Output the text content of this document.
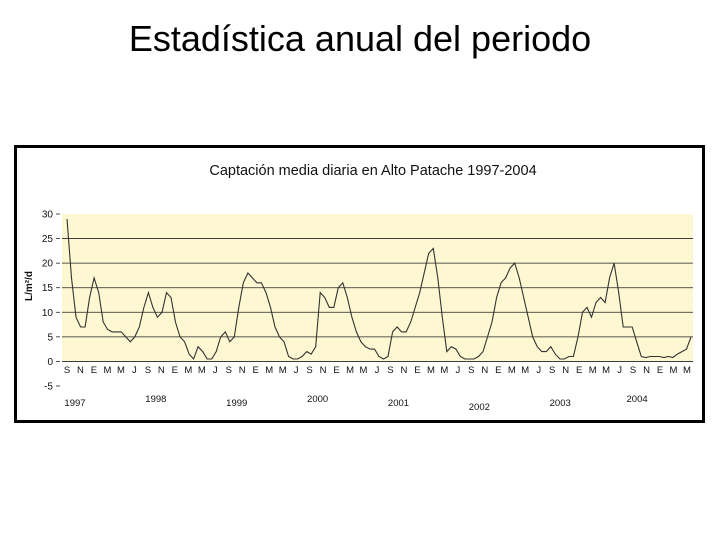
Estadística anual del periodo
Captación media diaria en Alto Patache 1997-2004
-5
0
5
10
15
20
25
30
S N E M M J S N E M M J S N E M M J S N E M M J S N E M M J S N E M M J S N E M M J S N E M M
1997	1998	1999	2000	2001	2002	2003	2004
L/m²/d
